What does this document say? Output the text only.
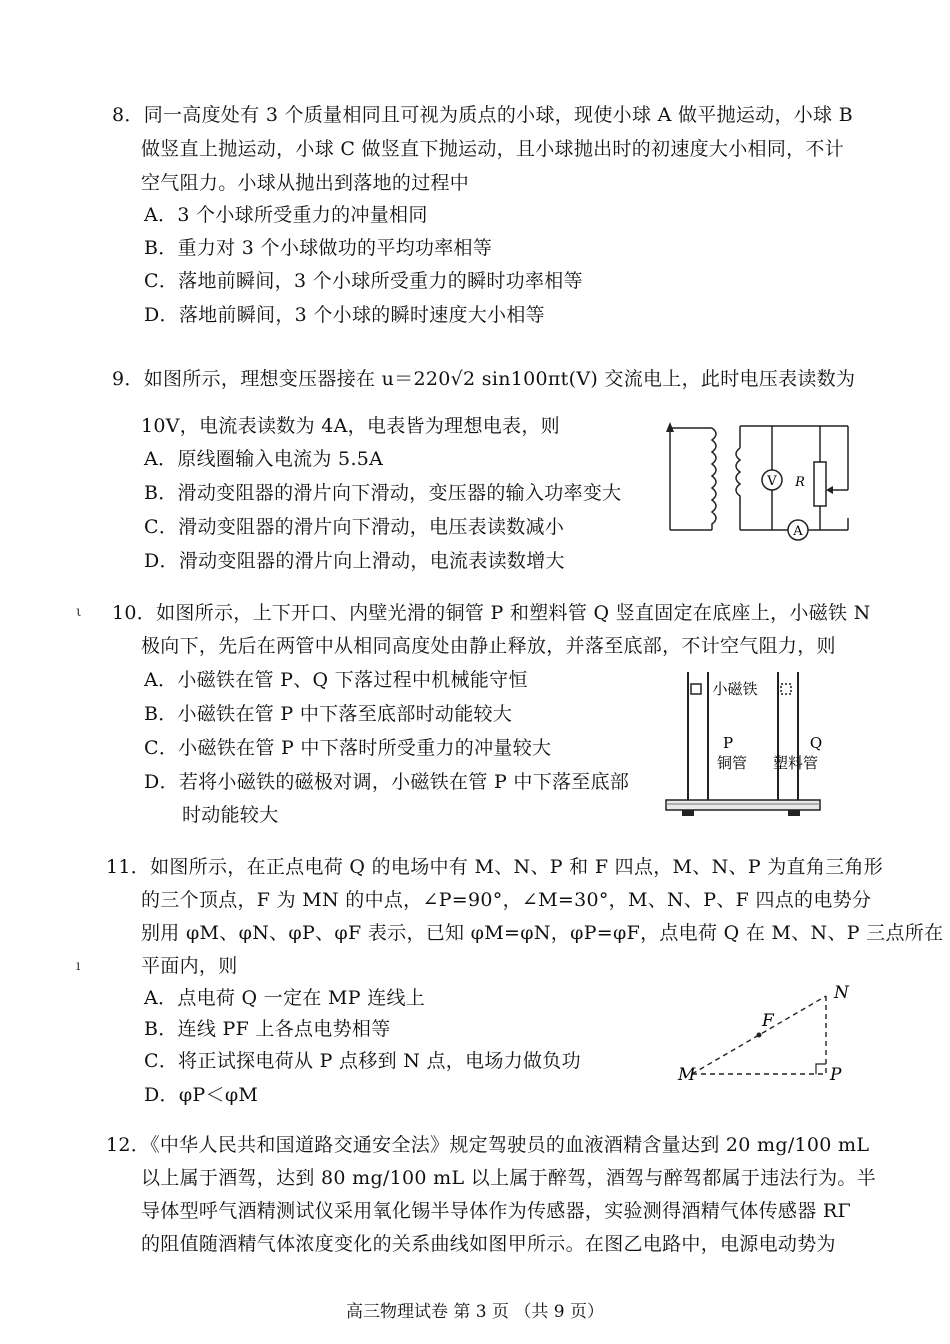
8．同一高度处有 3 个质量相同且可视为质点的小球，现使小球 A 做平抛运动，小球 B
做竖直上抛运动，小球 C 做竖直下抛运动，且小球抛出时的初速度大小相同，不计
空气阻力。小球从抛出到落地的过程中
A．3 个小球所受重力的冲量相同
B．重力对 3 个小球做功的平均功率相等
C．落地前瞬间，3 个小球所受重力的瞬时功率相等
D．落地前瞬间，3 个小球的瞬时速度大小相等
9．如图所示，理想变压器接在 u＝220√2 sin100πt(V) 交流电上，此时电压表读数为
10V，电流表读数为 4A，电表皆为理想电表，则
A．原线圈输入电流为 5.5A
B．滑动变阻器的滑片向下滑动，变压器的输入功率变大
C．滑动变阻器的滑片向下滑动，电压表读数减小
D．滑动变阻器的滑片向上滑动，电流表读数增大
V R
A
ι 10．如图所示，上下开口、内壁光滑的铜管 P 和塑料管 Q 竖直固定在底座上，小磁铁 N
极向下，先后在两管中从相同高度处由静止释放，并落至底部，不计空气阻力，则
A．小磁铁在管 P、Q 下落过程中机械能守恒
B．小磁铁在管 P 中下落至底部时动能较大
C．小磁铁在管 P 中下落时所受重力的冲量较大
D．若将小磁铁的磁极对调，小磁铁在管 P 中下落至底部
时动能较大
小磁铁
P
铜管
Q
塑料管
11．如图所示，在正点电荷 Q 的电场中有 M、N、P 和 F 四点，M、N、P 为直角三角形
的三个顶点，F 为 MN 的中点，∠P=90°，∠M=30°，M、N、P、F 四点的电势分
别用 φM、φN、φP、φF 表示，已知 φM=φN，φP=φF，点电荷 Q 在 M、N、P 三点所在
ı	平面内，则
A．点电荷 Q 一定在 MP 连线上
B．连线 PF 上各点电势相等
C．将正试探电荷从 P 点移到 N 点，电场力做负功
D．φP＜φM
M
N
P
F
12．《中华人民共和国道路交通安全法》规定驾驶员的血液酒精含量达到 20 mg/100 mL
以上属于酒驾，达到 80 mg/100 mL 以上属于醉驾，酒驾与醉驾都属于违法行为。半
导体型呼气酒精测试仪采用氧化锡半导体作为传感器，实验测得酒精气体传感器 RΓ
的阻值随酒精气体浓度变化的关系曲线如图甲所示。在图乙电路中，电源电动势为
高三物理试卷 第 3 页 （共 9 页）
